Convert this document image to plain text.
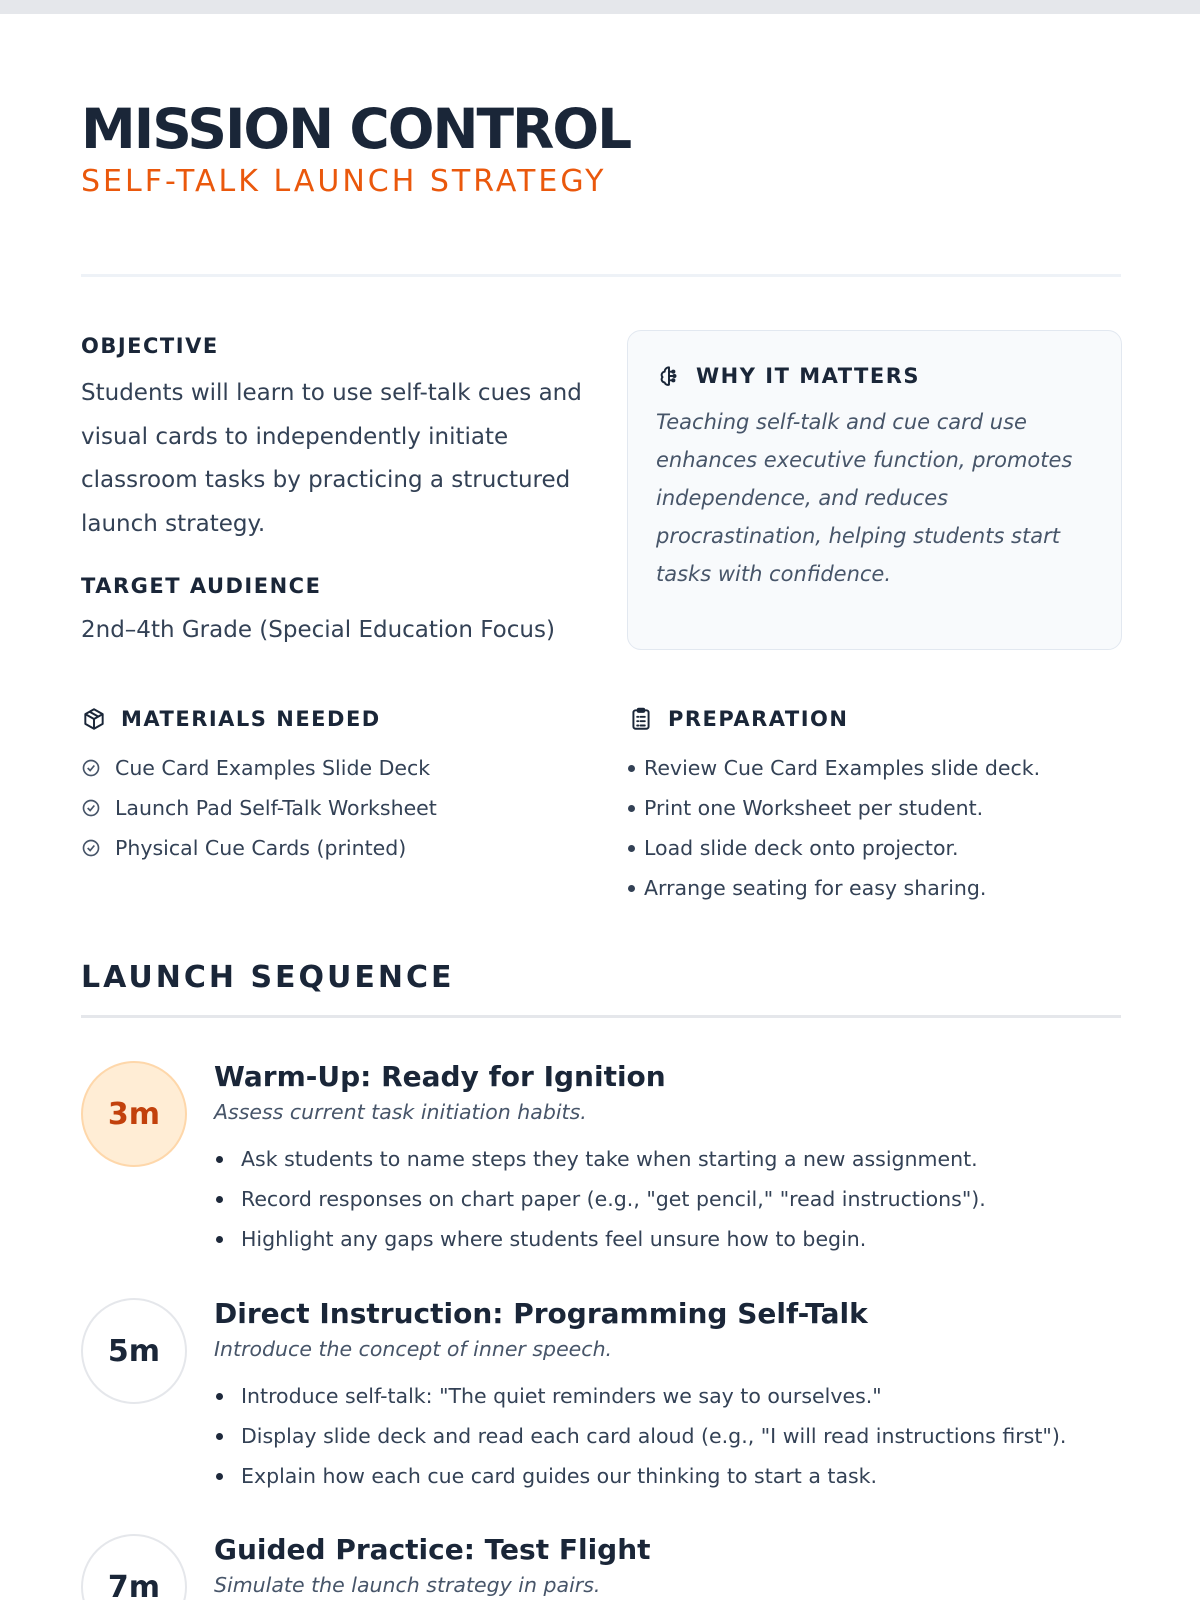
MISSION CONTROL
SELF-TALK LAUNCH STRATEGY
OBJECTIVE

Students will learn to use self-talk cues and visual cards to independently initiate classroom tasks by practicing a structured launch strategy.

TARGET AUDIENCE
2nd–4th Grade (Special Education Focus)
WHY IT MATTERS

Teaching self-talk and cue card use enhances executive function, promotes independence, and reduces procrastination, helping students start tasks with confidence.

MATERIALS NEEDED
Cue Card Examples Slide Deck
Launch Pad Self-Talk Worksheet
Physical Cue Cards (printed)
PREPARATION
Review Cue Card Examples slide deck.
Print one Worksheet per student.
Load slide deck onto projector.
Arrange seating for easy sharing.
LAUNCH SEQUENCE
3m
Warm-Up: Ready for Ignition
Assess current task initiation habits.
Ask students to name steps they take when starting a new assignment.
Record responses on chart paper (e.g., "get pencil," "read instructions").
Highlight any gaps where students feel unsure how to begin.
5m
Direct Instruction: Programming Self-Talk
Introduce the concept of inner speech.
Introduce self-talk: "The quiet reminders we say to ourselves."
Display slide deck and read each card aloud (e.g., "I will read instructions first").
Explain how each cue card guides our thinking to start a task.
7m
Guided Practice: Test Flight
Simulate the launch strategy in pairs.
